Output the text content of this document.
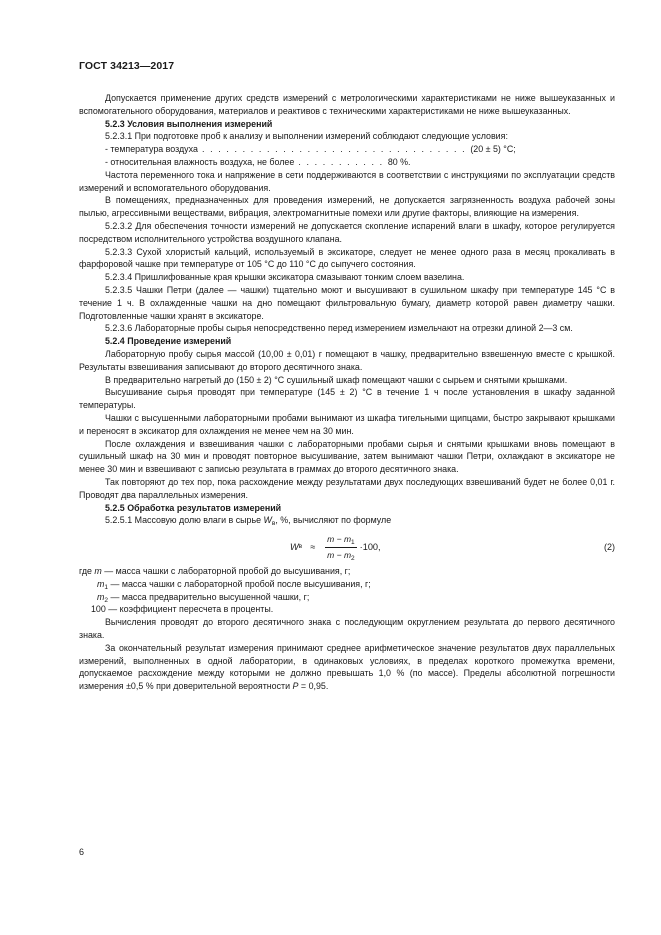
ГОСТ 34213—2017

Допускается применение других средств измерений с метрологическими характеристиками не ниже вышеуказанных и вспомогательного оборудования, материалов и реактивов с техническими характеристиками не ниже вышеуказанных.

5.2.3 Условия выполнения измерений

5.2.3.1 При подготовке проб к анализу и выполнении измерений соблюдают следующие условия:

- температура воздуха . . . . . . . . . . . . . . . . . . . . . . . . . . . . . . . . . (20 ± 5) °С;

- относительная влажность воздуха, не более . . . . . . . . . . . 80 %.

Частота переменного тока и напряжение в сети поддерживаются в соответствии с инструкциями по эксплуатации средств измерений и вспомогательного оборудования.

В помещениях, предназначенных для проведения измерений, не допускается загрязненность воздуха рабочей зоны пылью, агрессивными веществами, вибрация, электромагнитные помехи или другие факторы, влияющие на измерения.

5.2.3.2 Для обеспечения точности измерений не допускается скопление испарений влаги в шкафу, которое регулируется посредством исполнительного устройства воздушного клапана.

5.2.3.3 Сухой хлористый кальций, используемый в эксикаторе, следует не менее одного раза в месяц прокаливать в фарфоровой чашке при температуре от 105 °С до 110 °С до сыпучего состояния.

5.2.3.4 Пришлифованные края крышки эксикатора смазывают тонким слоем вазелина.

5.2.3.5 Чашки Петри (далее — чашки) тщательно моют и высушивают в сушильном шкафу при температуре 145 °С в течение 1 ч. В охлажденные чашки на дно помещают фильтровальную бумагу, диаметр которой равен диаметру чашки. Подготовленные чашки хранят в эксикаторе.

5.2.3.6 Лабораторные пробы сырья непосредственно перед измерением измельчают на отрезки длиной 2—3 см.

5.2.4 Проведение измерений

Лабораторную пробу сырья массой (10,00 ± 0,01) г помещают в чашку, предварительно взвешенную вместе с крышкой. Результаты взвешивания записывают до второго десятичного знака.

В предварительно нагретый до (150 ± 2) °С сушильный шкаф помещают чашки с сырьем и снятыми крышками.

Высушивание сырья проводят при температуре (145 ± 2) °С в течение 1 ч после установления в шкафу заданной температуры.

Чашки с высушенными лабораторными пробами вынимают из шкафа тигельными щипцами, быстро закрывают крышками и переносят в эксикатор для охлаждения не менее чем на 30 мин.

После охлаждения и взвешивания чашки с лабораторными пробами сырья и снятыми крышками вновь помещают в сушильный шкаф на 30 мин и проводят повторное высушивание, затем вынимают чашки Петри, охлаждают в эксикаторе не менее 30 мин и взвешивают с записью результата в граммах до второго десятичного знака.

Так повторяют до тех пор, пока расхождение между результатами двух последующих взвешиваний будет не более 0,01 г. Проводят два параллельных измерения.

5.2.5 Обработка результатов измерений

5.2.5.1 Массовую долю влаги в сырье $W_в$, %, вычисляют по формуле

W $в \approx \frac{m - m_1}{m - m_2} \cdot 100$,	(2)
где m — масса чашки с лабораторной пробой до высушивания, г;
$m_1$ — масса чашки с лабораторной пробой после высушивания, г;
$m_2$ — масса предварительно высушенной чашки, г;
100 — коэффициент пересчета в проценты.

Вычисления проводят до второго десятичного знака с последующим округлением результата до первого десятичного знака.

За окончательный результат измерения принимают среднее арифметическое значение результатов двух параллельных измерений, выполненных в одной лаборатории, в одинаковых условиях, в пределах короткого промежутка времени, допускаемое расхождение между которыми не должно превышать 1,0 % (по массе). Пределы абсолютной погрешности измерения ±0,5 % при доверительной вероятности P = 0,95.

6
